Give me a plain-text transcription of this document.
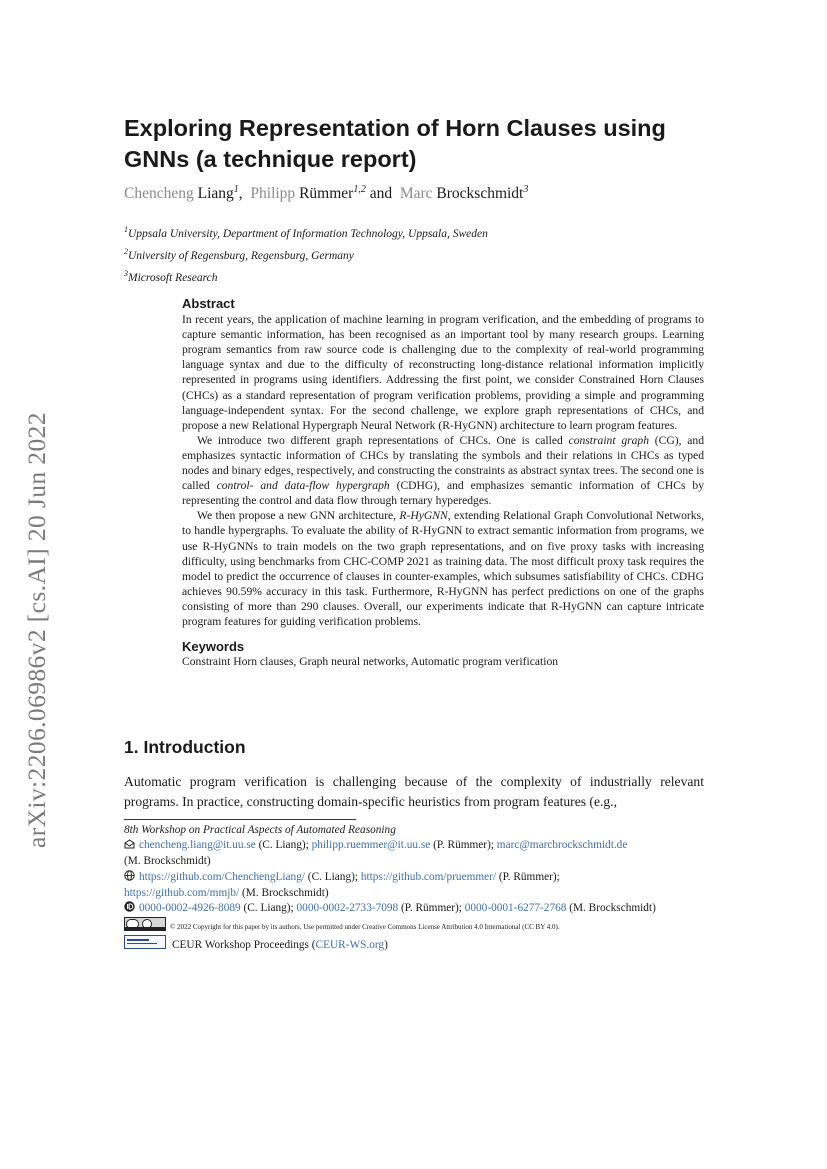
arXiv:2206.06986v2 [cs.AI] 20 Jun 2022
Exploring Representation of Horn Clauses using GNNs (a technique report)
Chencheng Liang$^1$, Philipp Rümmer$^{1,2}$ and Marc Brockschmidt$^3$
$^1$Uppsala University, Department of Information Technology, Uppsala, Sweden
$^2$University of Regensburg, Regensburg, Germany
$^3$Microsoft Research
Abstract

In recent years, the application of machine learning in program verification, and the embedding of programs to capture semantic information, has been recognised as an important tool by many research groups. Learning program semantics from raw source code is challenging due to the complexity of real-world programming language syntax and due to the difficulty of reconstructing long-distance relational information implicitly represented in programs using identifiers. Addressing the first point, we consider Constrained Horn Clauses (CHCs) as a standard representation of program verification problems, providing a simple and programming language-independent syntax. For the second challenge, we explore graph representations of CHCs, and propose a new Relational Hypergraph Neural Network (R-HyGNN) architecture to learn program features.

We introduce two different graph representations of CHCs. One is called constraint graph (CG), and emphasizes syntactic information of CHCs by translating the symbols and their relations in CHCs as typed nodes and binary edges, respectively, and constructing the constraints as abstract syntax trees. The second one is called control- and data-flow hypergraph (CDHG), and emphasizes semantic information of CHCs by representing the control and data flow through ternary hyperedges.

We then propose a new GNN architecture, R-HyGNN, extending Relational Graph Convolutional Networks, to handle hypergraphs. To evaluate the ability of R-HyGNN to extract semantic information from programs, we use R-HyGNNs to train models on the two graph representations, and on five proxy tasks with increasing difficulty, using benchmarks from CHC-COMP 2021 as training data. The most difficult proxy task requires the model to predict the occurrence of clauses in counter-examples, which subsumes satisfiability of CHCs. CDHG achieves 90.59% accuracy in this task. Furthermore, R-HyGNN has perfect predictions on one of the graphs consisting of more than 290 clauses. Overall, our experiments indicate that R-HyGNN can capture intricate program features for guiding verification problems.

Keywords

Constraint Horn clauses, Graph neural networks, Automatic program verification

1. Introduction

Automatic program verification is challenging because of the complexity of industrially relevant programs. In practice, constructing domain-specific heuristics from program features (e.g.,

8th Workshop on Practical Aspects of Automated Reasoning
chencheng.liang@it.uu.se (C. Liang); philipp.ruemmer@it.uu.se (P. Rümmer); marc@marcbrockschmidt.de
(M. Brockschmidt)
https://github.com/ChenchengLiang/ (C. Liang); https://github.com/pruemmer/ (P. Rümmer);
https://github.com/mmjb/ (M. Brockschmidt)
0000-0002-4926-8089 (C. Liang); 0000-0002-2733-7098 (P. Rümmer); 0000-0001-6277-2768 (M. Brockschmidt)
© 2022 Copyright for this paper by its authors. Use permitted under Creative Commons License Attribution 4.0 International (CC BY 4.0).
CEUR Workshop Proceedings (CEUR-WS.org)
